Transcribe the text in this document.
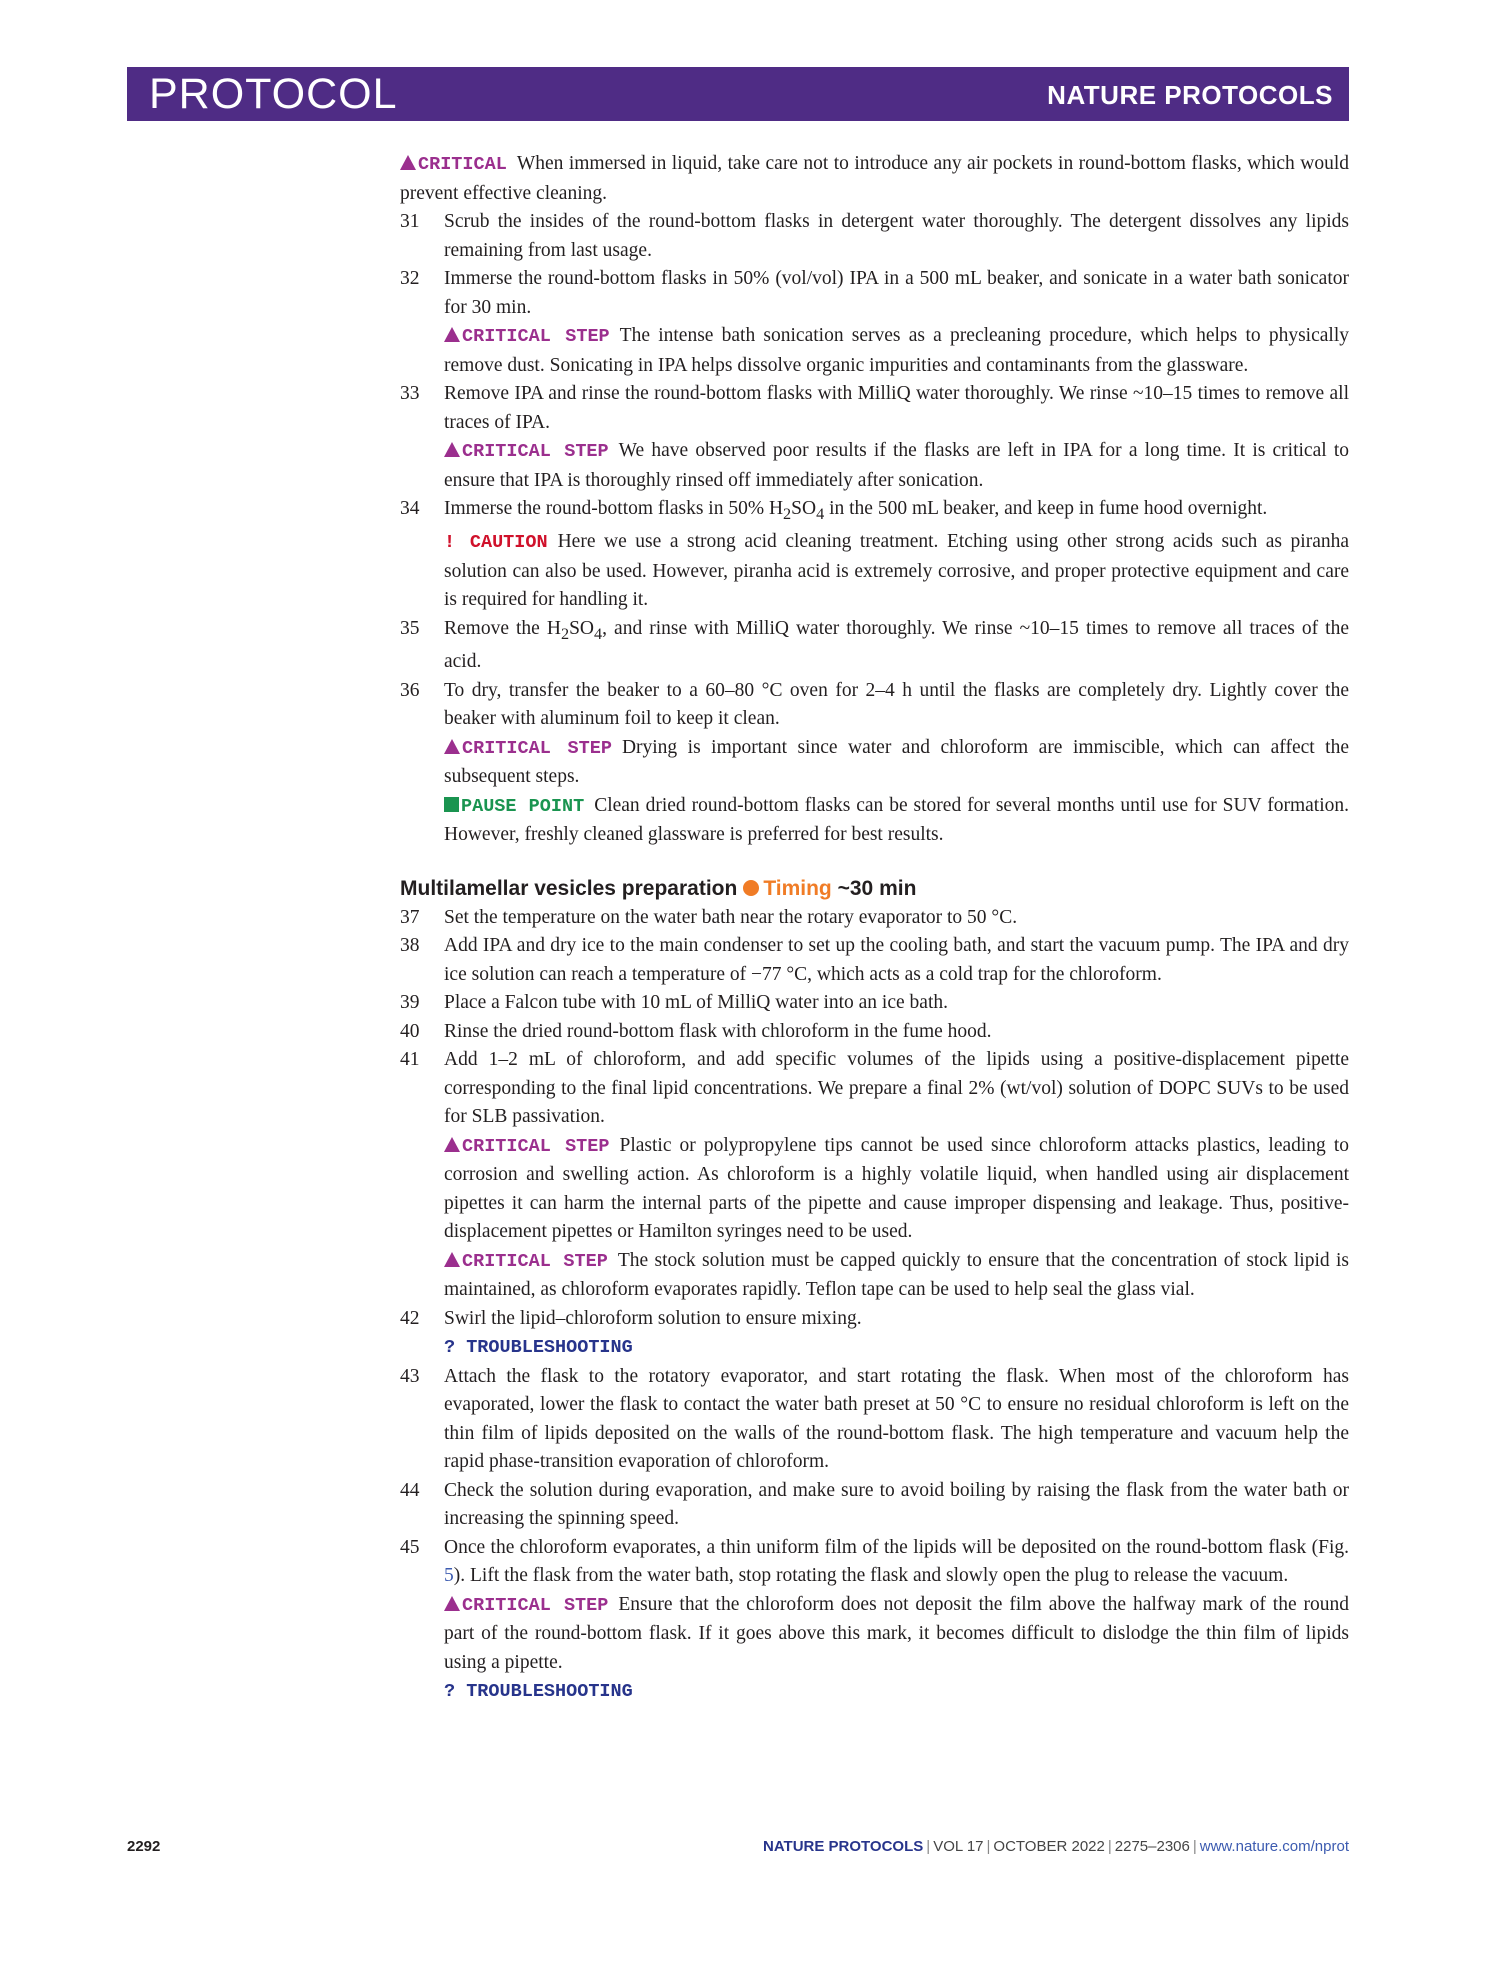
PROTOCOL	NATURE PROTOCOLS

CRITICAL When immersed in liquid, take care not to introduce any air pockets in round-bottom flasks, which would prevent effective cleaning.

31 Scrub the insides of the round-bottom flasks in detergent water thoroughly. The detergent dissolves any lipids remaining from last usage.

32 Immerse the round-bottom flasks in 50% (vol/vol) IPA in a 500 mL beaker, and sonicate in a water bath sonicator for 30 min.

CRITICAL STEP The intense bath sonication serves as a precleaning procedure, which helps to physically remove dust. Sonicating in IPA helps dissolve organic impurities and contaminants from the glassware.

33 Remove IPA and rinse the round-bottom flasks with MilliQ water thoroughly. We rinse ~10–15 times to remove all traces of IPA.

CRITICAL STEP We have observed poor results if the flasks are left in IPA for a long time. It is critical to ensure that IPA is thoroughly rinsed off immediately after sonication.

34 Immerse the round-bottom flasks in 50% $H_2SO_4$ in the 500 mL beaker, and keep in fume hood overnight.

! CAUTION Here we use a strong acid cleaning treatment. Etching using other strong acids such as piranha solution can also be used. However, piranha acid is extremely corrosive, and proper protective equipment and care is required for handling it.

35 Remove the $H_2SO_4$, and rinse with MilliQ water thoroughly. We rinse ~10–15 times to remove all traces of the acid.

36 To dry, transfer the beaker to a 60–80 °C oven for 2–4 h until the flasks are completely dry. Lightly cover the beaker with aluminum foil to keep it clean.

CRITICAL STEP Drying is important since water and chloroform are immiscible, which can affect the subsequent steps.

PAUSE POINT Clean dried round-bottom flasks can be stored for several months until use for SUV formation. However, freshly cleaned glassware is preferred for best results.

Multilamellar vesicles preparation Timing ~30 min

37 Set the temperature on the water bath near the rotary evaporator to 50 °C.

38 Add IPA and dry ice to the main condenser to set up the cooling bath, and start the vacuum pump. The IPA and dry ice solution can reach a temperature of −77 °C, which acts as a cold trap for the chloroform.

39 Place a Falcon tube with 10 mL of MilliQ water into an ice bath.

40 Rinse the dried round-bottom flask with chloroform in the fume hood.

41 Add 1–2 mL of chloroform, and add specific volumes of the lipids using a positive-displacement pipette corresponding to the final lipid concentrations. We prepare a final 2% (wt/vol) solution of DOPC SUVs to be used for SLB passivation.

CRITICAL STEP Plastic or polypropylene tips cannot be used since chloroform attacks plastics, leading to corrosion and swelling action. As chloroform is a highly volatile liquid, when handled using air displacement pipettes it can harm the internal parts of the pipette and cause improper dispensing and leakage. Thus, positive-displacement pipettes or Hamilton syringes need to be used.

CRITICAL STEP The stock solution must be capped quickly to ensure that the concentration of stock lipid is maintained, as chloroform evaporates rapidly. Teflon tape can be used to help seal the glass vial.

42 Swirl the lipid–chloroform solution to ensure mixing.

? TROUBLESHOOTING

43 Attach the flask to the rotatory evaporator, and start rotating the flask. When most of the chloroform has evaporated, lower the flask to contact the water bath preset at 50 °C to ensure no residual chloroform is left on the thin film of lipids deposited on the walls of the round-bottom flask. The high temperature and vacuum help the rapid phase-transition evaporation of chloroform.

44 Check the solution during evaporation, and make sure to avoid boiling by raising the flask from the water bath or increasing the spinning speed.

45 Once the chloroform evaporates, a thin uniform film of the lipids will be deposited on the round-bottom flask (Fig. 5). Lift the flask from the water bath, stop rotating the flask and slowly open the plug to release the vacuum.

CRITICAL STEP Ensure that the chloroform does not deposit the film above the halfway mark of the round part of the round-bottom flask. If it goes above this mark, it becomes difficult to dislodge the thin film of lipids using a pipette.

? TROUBLESHOOTING

2292	NATURE PROTOCOLS | VOL 17 | OCTOBER 2022 | 2275–2306 | www.nature.com/nprot
